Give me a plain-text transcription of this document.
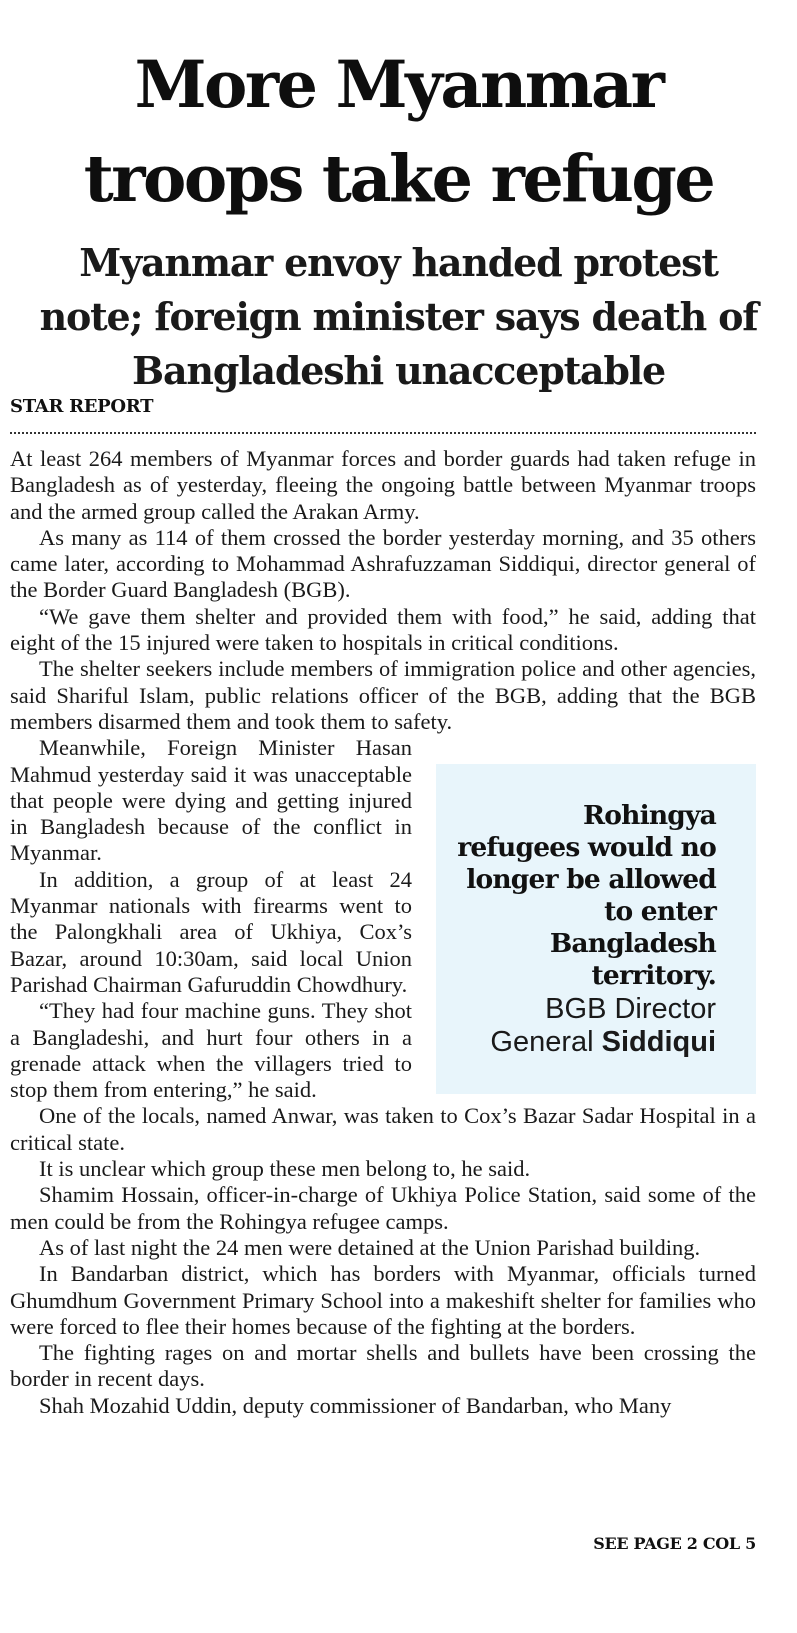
More Myanmar
troops take refuge
Myanmar envoy handed protest
note; foreign minister says death of
Bangladeshi unacceptable
STAR REPORT

At least 264 members of Myanmar forces and border guards had taken refuge in Bangladesh as of yesterday, fleeing the ongoing battle between Myanmar troops and the armed group called the Arakan Army.

As many as 114 of them crossed the border yesterday morning, and 35 others came later, according to Mohammad Ashrafuzzaman Siddiqui, director general of the Border Guard Bangladesh (BGB).

“We gave them shelter and provided them with food,” he said, adding that eight of the 15 injured were taken to hospitals in critical conditions.

The shelter seekers include members of immigration police and other agencies, said Shariful Islam, public relations officer of the BGB, adding that the BGB members disarmed them and took them to safety.

Rohingya refugees would no longer be allowed to enter Bangladesh territory.
BGB Director General Siddiqui

Meanwhile, Foreign Minister Hasan Mahmud yesterday said it was unacceptable that people were dying and getting injured in Bangladesh because of the conflict in Myanmar.

In addition, a group of at least 24 Myanmar nationals with firearms went to the Palongkhali area of Ukhiya, Cox’s Bazar, around 10:30am, said local Union Parishad Chairman Gafuruddin Chowdhury.

“They had four machine guns. They shot a Bangladeshi, and hurt four others in a grenade attack when the villagers tried to stop them from entering,” he said.

One of the locals, named Anwar, was taken to Cox’s Bazar Sadar Hospital in a critical state.

It is unclear which group these men belong to, he said.

Shamim Hossain, officer-in-charge of Ukhiya Police Station, said some of the men could be from the Rohingya refugee camps.

As of last night the 24 men were detained at the Union Parishad building.

In Bandarban district, which has borders with Myanmar, officials turned Ghumdhum Government Primary School into a makeshift shelter for families who were forced to flee their homes because of the fighting at the borders.

The fighting rages on and mortar shells and bullets have been crossing the border in recent days.

Shah Mozahid Uddin, deputy commissioner of Bandarban, who Many

SEE PAGE 2 COL 5
